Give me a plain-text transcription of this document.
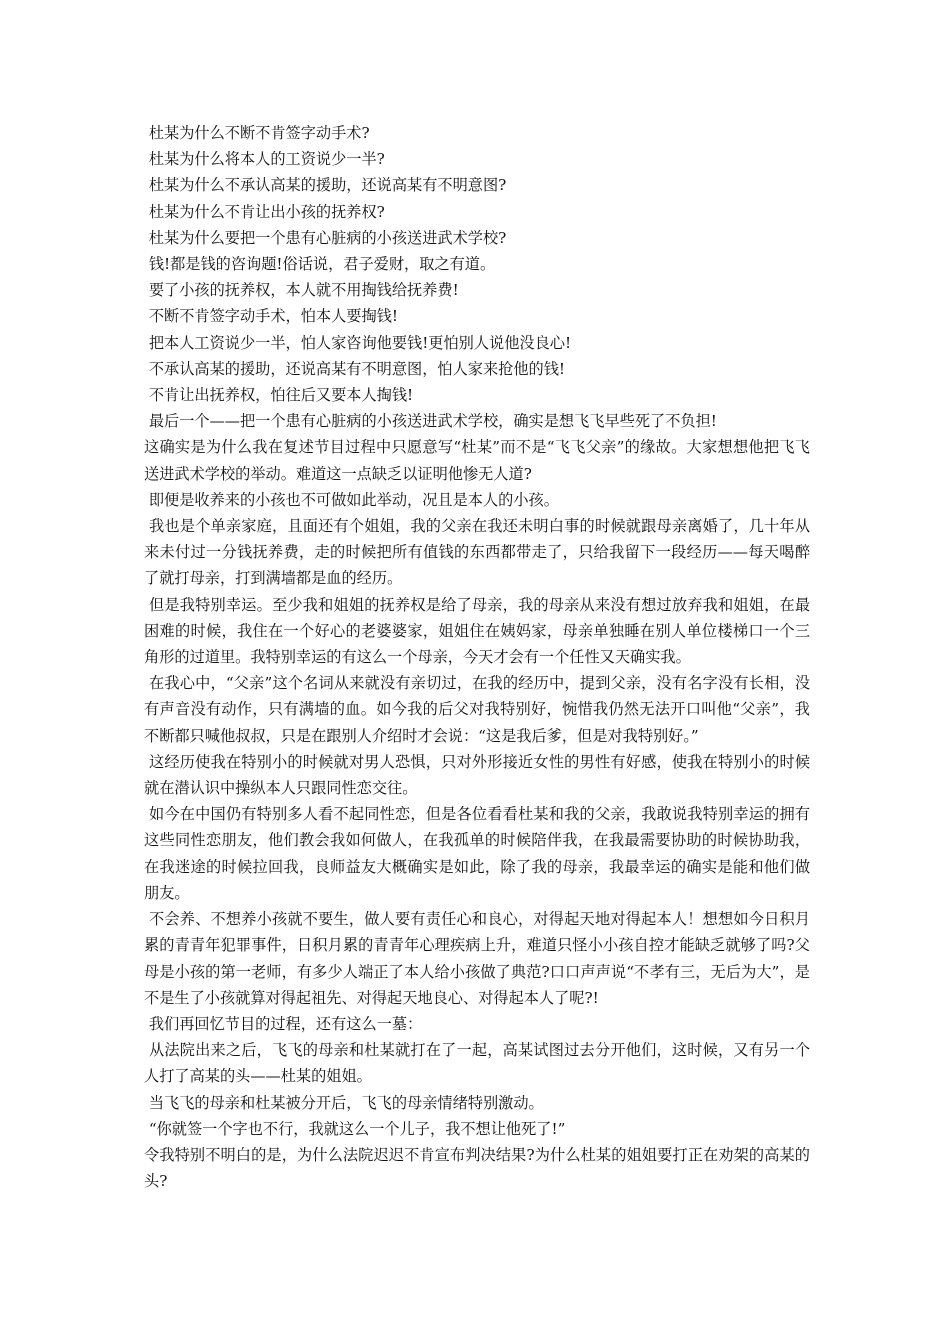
杜某为什么不断不肯签字动手术?

杜某为什么将本人的工资说少一半?

杜某为什么不承认高某的援助，还说高某有不明意图?

杜某为什么不肯让出小孩的抚养权?

杜某为什么要把一个患有心脏病的小孩送进武术学校?

钱!都是钱的咨询题!俗话说，君子爱财，取之有道。

要了小孩的抚养权，本人就不用掏钱给抚养费!

不断不肯签字动手术，怕本人要掏钱!

把本人工资说少一半，怕人家咨询他要钱!更怕别人说他没良心!

不承认高某的援助，还说高某有不明意图，怕人家来抢他的钱!

不肯让出抚养权，怕往后又要本人掏钱!

最后一个——把一个患有心脏病的小孩送进武术学校，确实是想飞飞早些死了不负担!

这确实是为什么我在复述节目过程中只愿意写“杜某”而不是“飞飞父亲”的缘故。大家想想他把飞飞送进武术学校的举动。难道这一点缺乏以证明他惨无人道?

即便是收养来的小孩也不可做如此举动，况且是本人的小孩。

我也是个单亲家庭，且面还有个姐姐，我的父亲在我还未明白事的时候就跟母亲离婚了，几十年从来未付过一分钱抚养费，走的时候把所有值钱的东西都带走了，只给我留下一段经历——每天喝醉了就打母亲，打到满墙都是血的经历。

但是我特别幸运。至少我和姐姐的抚养权是给了母亲，我的母亲从来没有想过放弃我和姐姐，在最困难的时候，我住在一个好心的老婆婆家，姐姐住在姨妈家，母亲单独睡在别人单位楼梯口一个三角形的过道里。我特别幸运的有这么一个母亲，今天才会有一个任性又天确实我。

在我心中，“父亲”这个名词从来就没有亲切过，在我的经历中，提到父亲，没有名字没有长相，没有声音没有动作，只有满墙的血。如今我的后父对我特别好，惋惜我仍然无法开口叫他“父亲”，我不断都只喊他叔叔，只是在跟别人介绍时才会说：“这是我后爹，但是对我特别好。”

这经历使我在特别小的时候就对男人恐惧，只对外形接近女性的男性有好感，使我在特别小的时候就在潜认识中操纵本人只跟同性恋交往。

如今在中国仍有特别多人看不起同性恋，但是各位看看杜某和我的父亲，我敢说我特别幸运的拥有这些同性恋朋友，他们教会我如何做人，在我孤单的时候陪伴我，在我最需要协助的时候协助我，在我迷途的时候拉回我，良师益友大概确实是如此，除了我的母亲，我最幸运的确实是能和他们做朋友。

不会养、不想养小孩就不要生，做人要有责任心和良心，对得起天地对得起本人！想想如今日积月累的青青年犯罪事件，日积月累的青青年心理疾病上升，难道只怪小小孩自控才能缺乏就够了吗?父母是小孩的第一老师，有多少人端正了本人给小孩做了典范?口口声声说“不孝有三，无后为大”，是不是生了小孩就算对得起祖先、对得起天地良心、对得起本人了呢?!

我们再回忆节目的过程，还有这么一墓：

从法院出来之后，飞飞的母亲和杜某就打在了一起，高某试图过去分开他们，这时候，又有另一个人打了高某的头——杜某的姐姐。

当飞飞的母亲和杜某被分开后，飞飞的母亲情绪特别激动。

“你就签一个字也不行，我就这么一个儿子，我不想让他死了!”

令我特别不明白的是，为什么法院迟迟不肯宣布判决结果?为什么杜某的姐姐要打正在劝架的高某的头?
